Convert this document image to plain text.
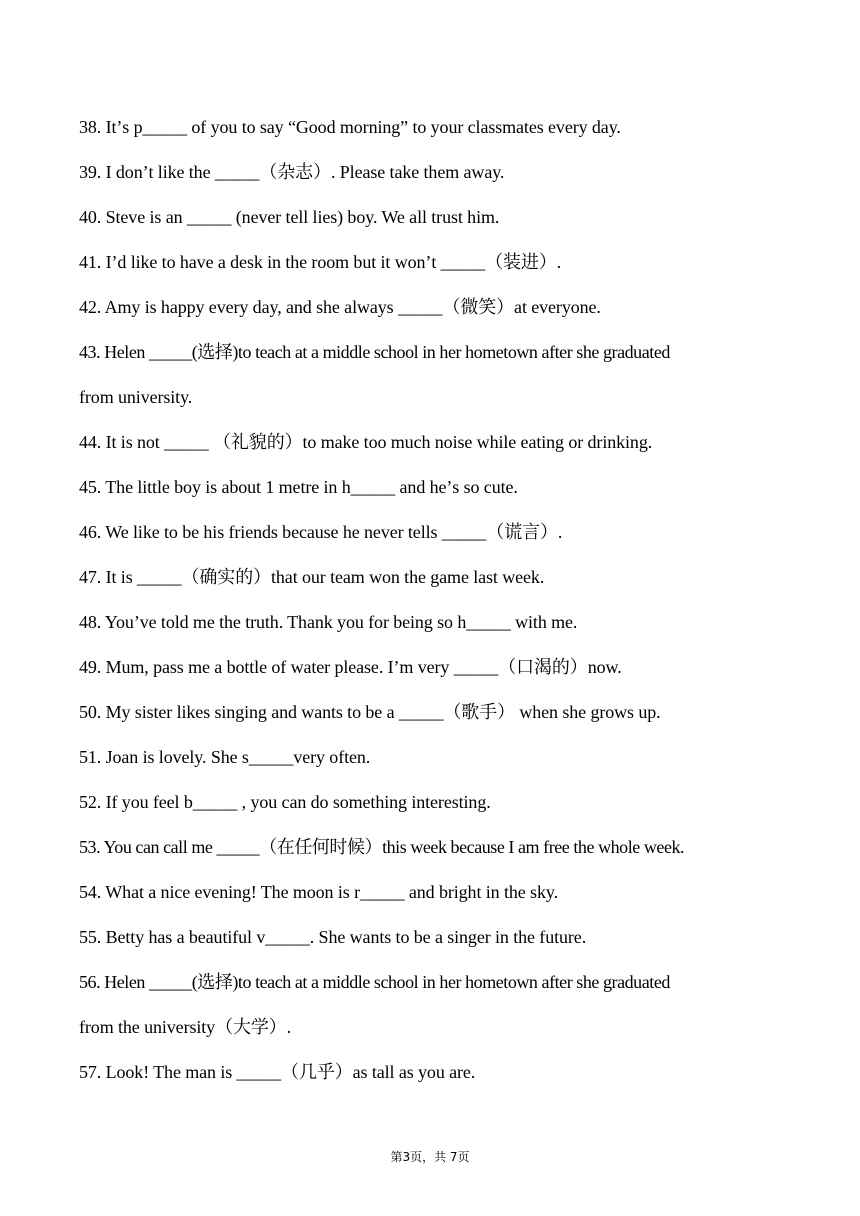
38. Itʼs p_____ of you to say “Good morning” to your classmates every day.
39. I donʼt like the _____（杂志）. Please take them away.
40. Steve is an _____ (never tell lies) boy. We all trust him.
41. Iʼd like to have a desk in the room but it wonʼt _____（装进）.
42. Amy is happy every day, and she always _____（微笑）at everyone.
43. Helen _____(选择)to teach at a middle school in her hometown after she graduated
from university.
44. It is not _____ （礼貌的）to make too much noise while eating or drinking.
45. The little boy is about 1 metre in h_____ and heʼs so cute.
46. We like to be his friends because he never tells _____（谎言）.
47. It is _____（确实的）that our team won the game last week.
48. Youʼve told me the truth. Thank you for being so h_____ with me.
49. Mum, pass me a bottle of water please. Iʼm very _____（口渴的）now.
50. My sister likes singing and wants to be a _____（歌手） when she grows up.
51. Joan is lovely. She s_____very often.
52. If you feel b_____ , you can do something interesting.
53. You can call me _____（在任何时候）this week because I am free the whole week.
54. What a nice evening! The moon is r_____ and bright in the sky.
55. Betty has a beautiful v_____. She wants to be a singer in the future.
56. Helen _____(选择)to teach at a middle school in her hometown after she graduated
from the university（大学）.
57. Look! The man is _____（几乎）as tall as you are.
第3页，共 7页
